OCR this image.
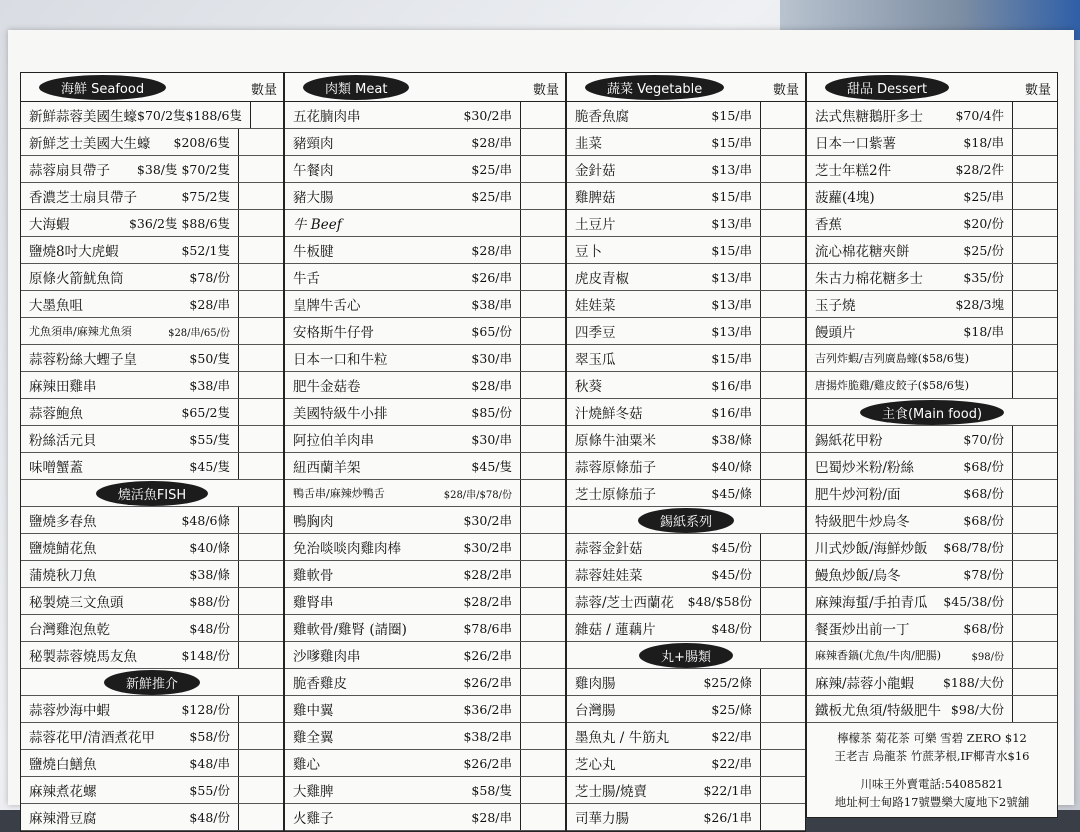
海鮮 Seafood	數量
新鮮蒜蓉美國生蠔 $70/2隻$188/6隻
新鮮芝士美國大生蠔	$208/6隻
蒜蓉扇貝帶子	$38/隻 $70/2隻
香濃芝士扇貝帶子	$75/2隻
大海蝦	$36/2隻 $88/6隻
鹽燒8吋大虎蝦	$52/1隻
原條火箭魷魚筒	$78/份
大墨魚咀	$28/串
尤魚須串/麻辣尤魚須	$28/串/65/份
蒜蓉粉絲大蟶子皇	$50/隻
麻辣田雞串	$38/串
蒜蓉鮑魚	$65/2隻
粉絲活元貝	$55/隻
味噌蟹蓋	$45/隻
燒活魚FISH
鹽燒多春魚	$48/6條
鹽燒鯖花魚	$40/條
蒲燒秋刀魚	$38/條
秘製燒三文魚頭	$88/份
台灣雞泡魚乾	$48/份
秘製蒜蓉燒馬友魚	$148/份
新鮮推介
蒜蓉炒海中蝦	$128/份
蒜蓉花甲/清酒煮花甲	$58/份
鹽燒白鱔魚	$48/串
麻辣煮花螺	$55/份
麻辣滑豆腐	$48/份
肉類 Meat	數量
五花腩肉串	$30/2串
豬頸肉	$28/串
午餐肉	$25/串
豬大腸	$25/串
牛 Beef
牛板腱	$28/串
牛舌	$26/串
皇牌牛舌心	$38/串
安格斯牛仔骨	$65/份
日本一口和牛粒	$30/串
肥牛金菇卷	$28/串
美國特級牛小排	$85/份
阿拉伯羊肉串	$30/串
紐西蘭羊架	$45/隻
鴨舌串/麻辣炒鴨舌	$28/串/$78/份
鴨胸肉	$30/2串
免治啖啖肉雞肉棒	$30/2串
雞軟骨	$28/2串
雞腎串	$28/2串
雞軟骨/雞腎 (請圈)	$78/6串
沙嗲雞肉串	$26/2串
脆香雞皮	$26/2串
雞中翼	$36/2串
雞全翼	$38/2串
雞心	$26/2串
大雞脾	$58/隻
火雞子	$28/串
蔬菜 Vegetable	數量
脆香魚腐	$15/串
韭菜	$15/串
金針菇	$13/串
雞脾菇	$15/串
土豆片	$13/串
豆卜	$15/串
虎皮青椒	$13/串
娃娃菜	$13/串
四季豆	$13/串
翠玉瓜	$15/串
秋葵	$16/串
汁燒鮮冬菇	$16/串
原條牛油粟米	$38/條
蒜蓉原條茄子	$40/條
芝士原條茄子	$45/條
錫紙系列
蒜蓉金針菇	$45/份
蒜蓉娃娃菜	$45/份
蒜蓉/芝士西蘭花	$48/$58份
雜菇 / 蓮藕片	$48/份
丸+腸類
雞肉腸	$25/2條
台灣腸	$25/條
墨魚丸 / 牛筋丸	$22/串
芝心丸	$22/串
芝士腸/燒賣	$22/1串
司華力腸	$26/1串
甜品 Dessert	數量
法式焦糖鵝肝多士	$70/4件
日本一口紫薯	$18/串
芝士年糕2件	$28/2件
菠蘿(4塊)	$25/串
香蕉	$20/份
流心棉花糖夾餅	$25/份
朱古力棉花糖多士	$35/份
玉子燒	$28/3塊
饅頭片	$18/串
吉列炸蝦/吉列廣島蠔($58/6隻)
唐揚炸脆雞/雞皮餃子($58/6隻)
主食(Main food)
錫紙花甲粉	$70/份
巴蜀炒米粉/粉絲	$68/份
肥牛炒河粉/面	$68/份
特級肥牛炒烏冬	$68/份
川式炒飯/海鮮炒飯	$68/78/份
鰻魚炒飯/烏冬	$78/份
麻辣海蜇/手拍青瓜	$45/38/份
餐蛋炒出前一丁	$68/份
麻辣香鍋(尤魚/牛肉/肥腸)	$98/份
麻辣/蒜蓉小龍蝦	$188/大份
鐵板尤魚須/特級肥牛 $98/大份
檸檬茶 菊花茶 可樂 雪碧 ZERO $12
王老吉 烏龍茶 竹蔗茅根,IF椰青水$16
川味王外賣電話:54085821
地址柯士甸路17號豐樂大廈地下2號舖
